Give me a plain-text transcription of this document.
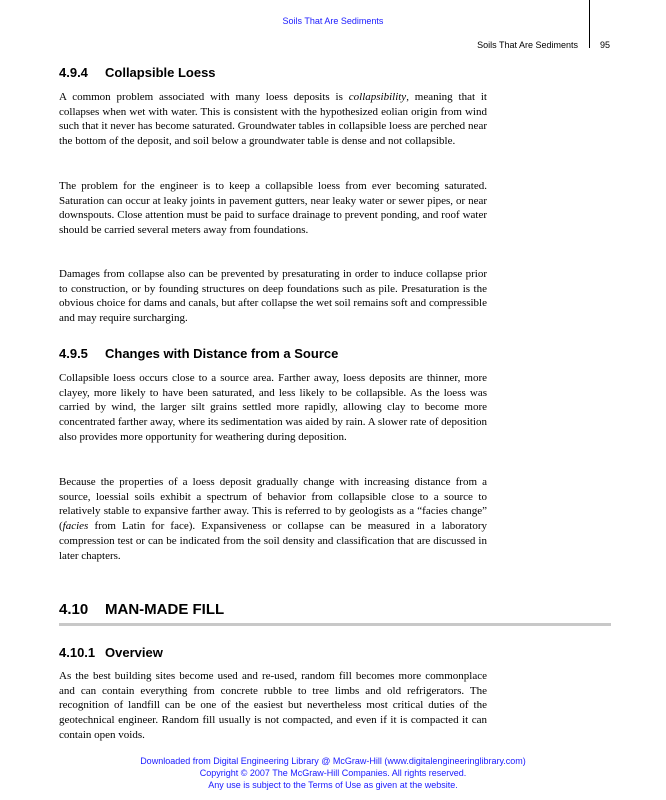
Soils That Are Sediments
Soils That Are Sediments 95
4.9.4 Collapsible Loess

A common problem associated with many loess deposits is collapsibility, meaning that it collapses when wet with water. This is consistent with the hypothesized eolian origin from wind such that it never has become saturated. Groundwater tables in collapsible loess are perched near the bottom of the deposit, and soil below a groundwater table is dense and not collapsible.

The problem for the engineer is to keep a collapsible loess from ever becoming saturated. Saturation can occur at leaky joints in pavement gutters, near leaky water or sewer pipes, or near downspouts. Close attention must be paid to surface drainage to prevent ponding, and roof water should be carried several meters away from foundations.

Damages from collapse also can be prevented by presaturating in order to induce collapse prior to construction, or by founding structures on deep foundations such as pile. Presaturation is the obvious choice for dams and canals, but after collapse the wet soil remains soft and compressible and may require surcharging.

4.9.5 Changes with Distance from a Source

Collapsible loess occurs close to a source area. Farther away, loess deposits are thinner, more clayey, more likely to have been saturated, and less likely to be collapsible. As the loess was carried by wind, the larger silt grains settled more rapidly, allowing clay to become more concentrated farther away, where its sedimentation was aided by rain. A slower rate of deposition also provides more opportunity for weathering during deposition.

Because the properties of a loess deposit gradually change with increasing distance from a source, loessial soils exhibit a spectrum of behavior from collapsible close to a source to relatively stable to expansive farther away. This is referred to by geologists as a “facies change” (facies from Latin for face). Expansiveness or collapse can be measured in a laboratory compression test or can be indicated from the soil density and classification that are discussed in later chapters.

4.10 MAN-MADE FILL
4.10.1 Overview

As the best building sites become used and re-used, random fill becomes more commonplace and can contain everything from concrete rubble to tree limbs and old refrigerators. The recognition of landfill can be one of the easiest but nevertheless most critical duties of the geotechnical engineer. Random fill usually is not compacted, and even if it is compacted it can contain open voids.

Downloaded from Digital Engineering Library @ McGraw-Hill (www.digitalengineeringlibrary.com)
Copyright © 2007 The McGraw-Hill Companies. All rights reserved.
Any use is subject to the Terms of Use as given at the website.
